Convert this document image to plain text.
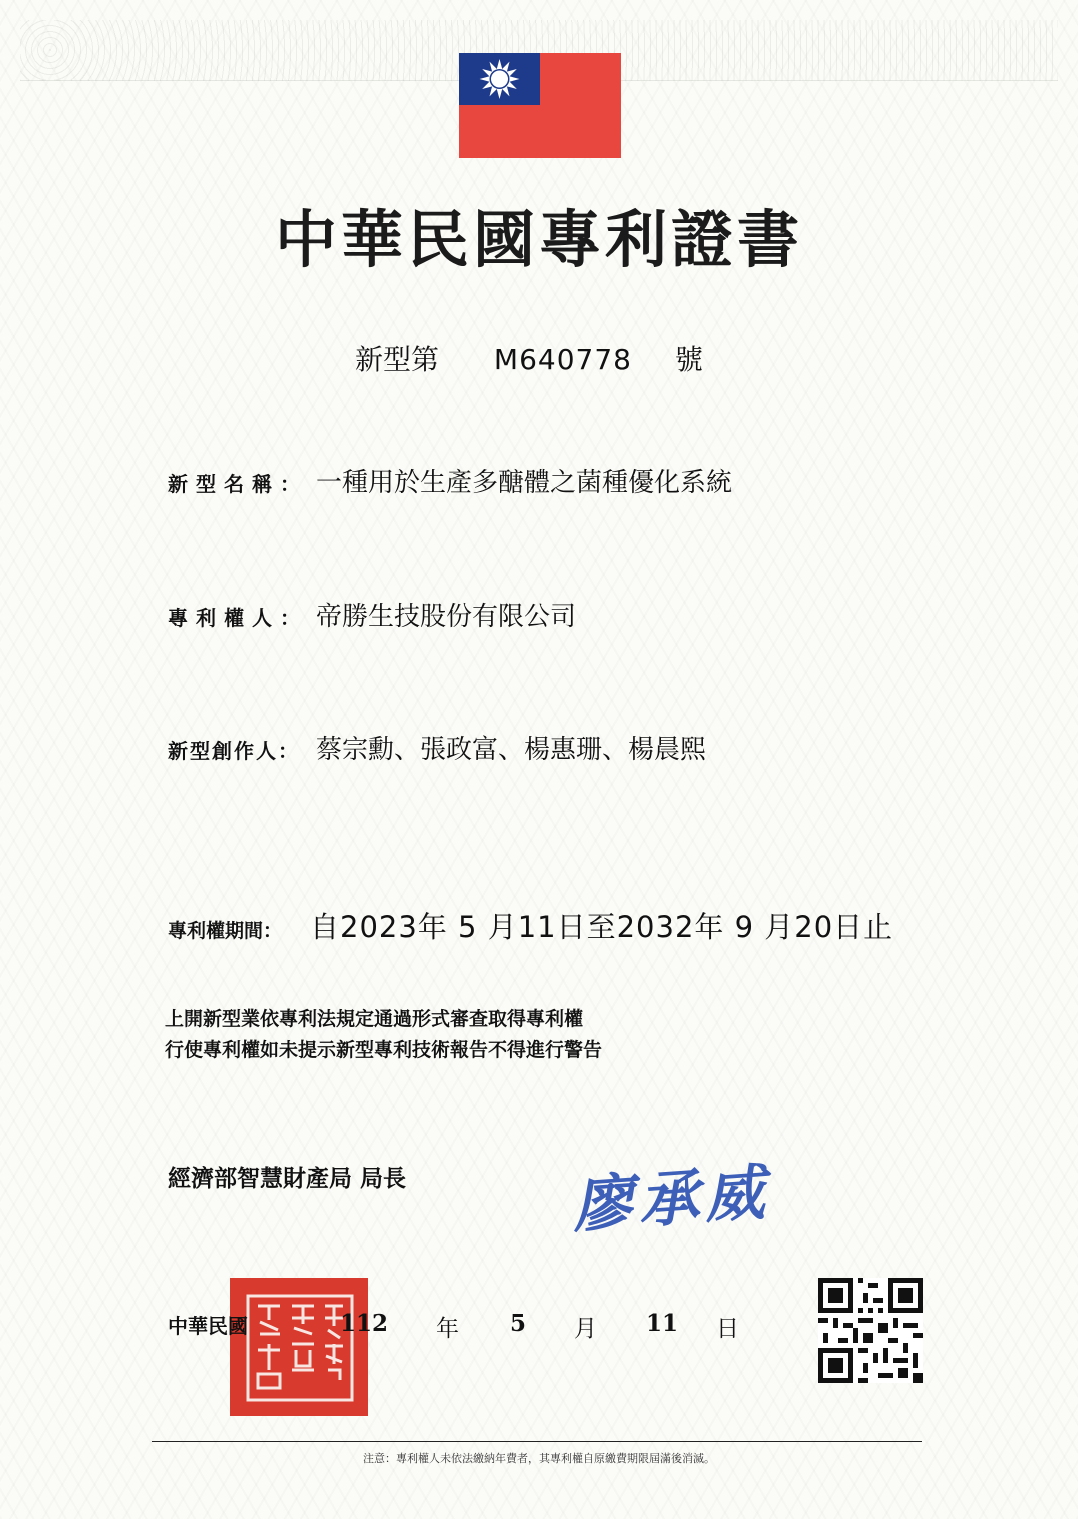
中華民國專利證書
新型第 M640778 號
新型名稱： 一種用於生產多醣體之菌種優化系統
專利權人： 帝勝生技股份有限公司
新型創作人： 蔡宗勳、張政富、楊惠珊、楊晨熙
專利權期間： 自2023年 5 月11日至2032年 9 月20日止
上開新型業依專利法規定通過形式審查取得專利權
行使專利權如未提示新型專利技術報告不得進行警告
經濟部智慧財產局 局長	廖承威
中華民國	112 年 5 月 11 日
注意：專利權人未依法繳納年費者，其專利權自原繳費期限屆滿後消滅。
